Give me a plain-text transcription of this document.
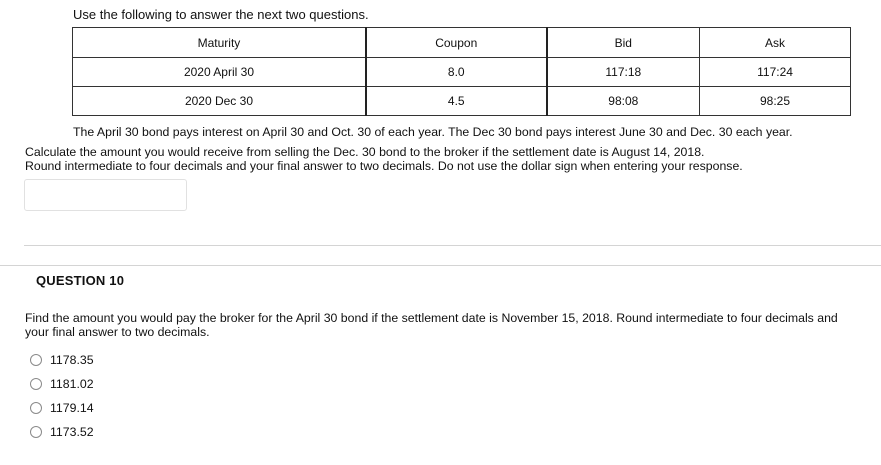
Use the following to answer the next two questions.
Maturity	Coupon	Bid	Ask
2020 April 30	8.0	117:18	117:24
2020 Dec 30	4.5	98:08	98:25
The April 30 bond pays interest on April 30 and Oct. 30 of each year. The Dec 30 bond pays interest June 30 and Dec. 30 each year.
Calculate the amount you would receive from selling the Dec. 30 bond to the broker if the settlement date is August 14, 2018.
Round intermediate to four decimals and your final answer to two decimals. Do not use the dollar sign when entering your response.
QUESTION 10
Find the amount you would pay the broker for the April 30 bond if the settlement date is November 15, 2018. Round intermediate to four decimals and your final answer to two decimals.
1178.35
1181.02
1179.14
1173.52
